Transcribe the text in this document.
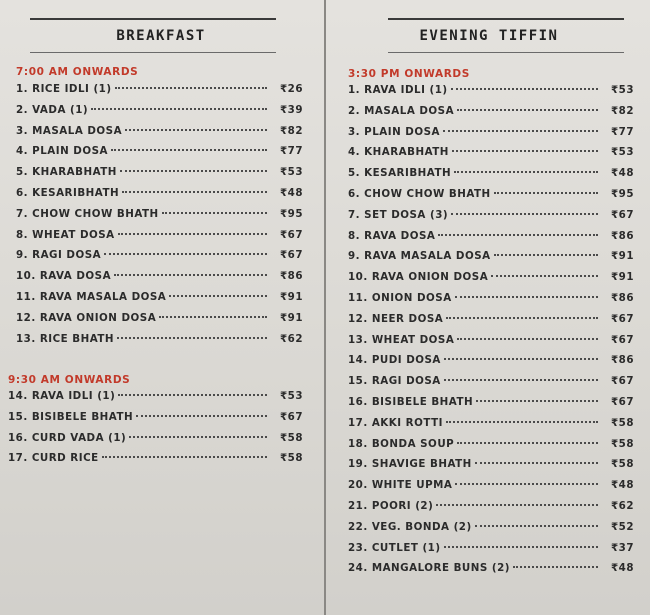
BREAKFAST
7:00 AM ONWARDS
1. RICE IDLI (1)	₹26
2. VADA (1)	₹39
3. MASALA DOSA	₹82
4. PLAIN DOSA	₹77
5. KHARABHATH	₹53
6. KESARIBHATH	₹48
7. CHOW CHOW BHATH	₹95
8. WHEAT DOSA	₹67
9. RAGI DOSA	₹67
10. RAVA DOSA	₹86
11. RAVA MASALA DOSA	₹91
12. RAVA ONION DOSA	₹91
13. RICE BHATH	₹62
9:30 AM ONWARDS
14. RAVA IDLI (1)	₹53
15. BISIBELE BHATH	₹67
16. CURD VADA (1)	₹58
17. CURD RICE	₹58
EVENING TIFFIN
3:30 PM ONWARDS
1. RAVA IDLI (1)	₹53
2. MASALA DOSA	₹82
3. PLAIN DOSA	₹77
4. KHARABHATH	₹53
5. KESARIBHATH	₹48
6. CHOW CHOW BHATH	₹95
7. SET DOSA (3)	₹67
8. RAVA DOSA	₹86
9. RAVA MASALA DOSA	₹91
10. RAVA ONION DOSA	₹91
11. ONION DOSA	₹86
12. NEER DOSA	₹67
13. WHEAT DOSA	₹67
14. PUDI DOSA	₹86
15. RAGI DOSA	₹67
16. BISIBELE BHATH	₹67
17. AKKI ROTTI	₹58
18. BONDA SOUP	₹58
19. SHAVIGE BHATH	₹58
20. WHITE UPMA	₹48
21. POORI (2)	₹62
22. VEG. BONDA (2)	₹52
23. CUTLET (1)	₹37
24. MANGALORE BUNS (2)	₹48
